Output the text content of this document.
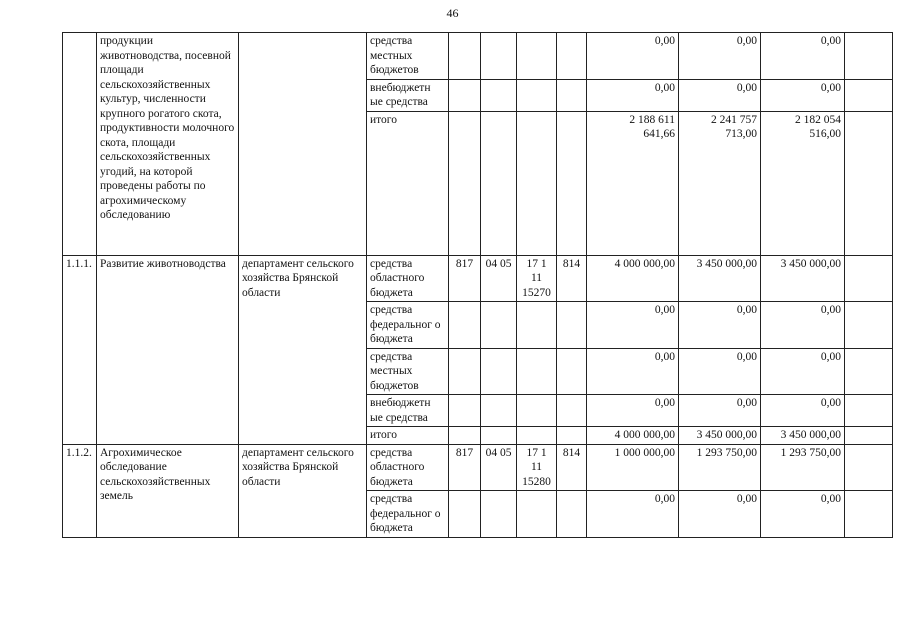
46
	продукции животноводства, посевной площади сельскохозяйственных культур, численности крупного рогатого скота, продуктивности молочного скота, площади сельскохозяйственных угодий, на которой проведены работы по агрохимическому обследованию		средства местных бюджетов					0,00	0,00	0,00	
			внебюджетн ые средства					0,00	0,00	0,00	
			итого					2 188 611 641,66	2 241 757 713,00	2 182 054 516,00	
1.1.1.	Развитие животноводства	департамент сельского хозяйства Брянской области	средства областного бюджета	817	04 05	17 1 11 15270	814	4 000 000,00	3 450 000,00	3 450 000,00	
			средства федеральног о бюджета					0,00	0,00	0,00	
			средства местных бюджетов					0,00	0,00	0,00	
			внебюджетн ые средства					0,00	0,00	0,00	
			итого					4 000 000,00	3 450 000,00	3 450 000,00	
1.1.2.	Агрохимическое обследование сельскохозяйственных земель	департамент сельского хозяйства Брянской области	средства областного бюджета	817	04 05	17 1 11 15280	814	1 000 000,00	1 293 750,00	1 293 750,00	
			средства федеральног о бюджета					0,00	0,00	0,00	
